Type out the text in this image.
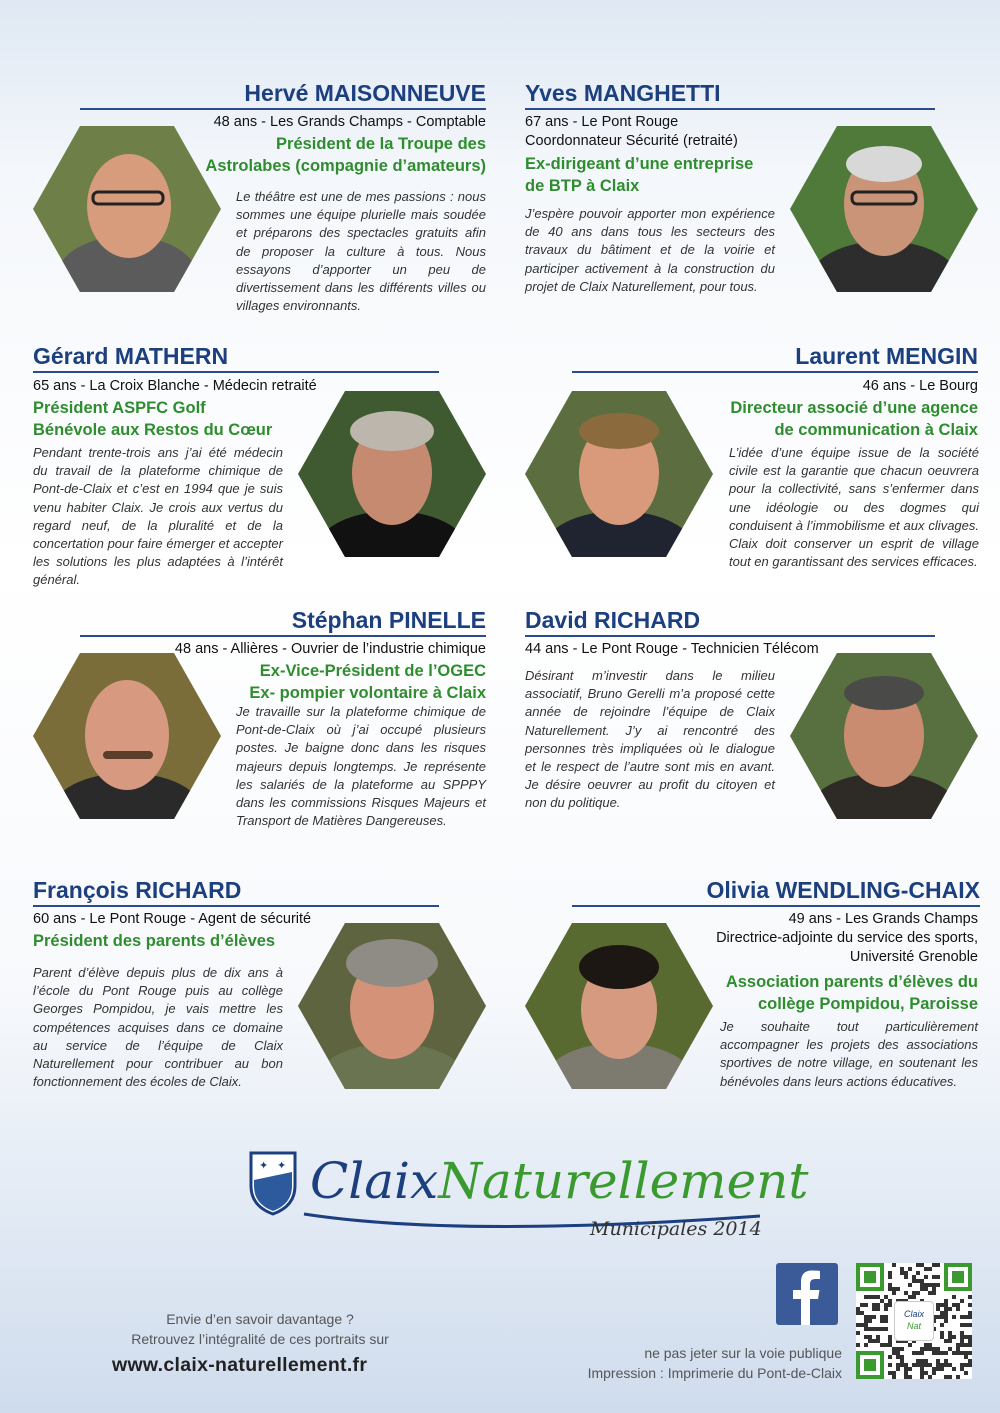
Hervé MAISONNEUVE
48 ans - Les Grands Champs - Comptable
Président de la Troupe des Astrolabes (compagnie d’amateurs)
Le théâtre est une de mes passions : nous sommes une équipe plurielle mais soudée et préparons des spectacles gratuits afin de proposer la culture à tous. Nous essayons d’apporter un peu de divertissement dans les différents villes ou villages environnants.
Yves MANGHETTI
67 ans - Le Pont Rouge
Coordonnateur Sécurité (retraité)
Ex-dirigeant d’une entreprise de BTP à Claix
J’espère pouvoir apporter mon expérience de 40 ans dans tous les secteurs des travaux du bâtiment et de la voirie et participer activement à la construction du projet de Claix Naturellement, pour tous.
Gérard MATHERN
65 ans - La Croix Blanche - Médecin retraité
Président ASPFC Golf
Bénévole aux Restos du Cœur
Pendant trente-trois ans j’ai été médecin du travail de la plateforme chimique de Pont-de-Claix et c’est en 1994 que je suis venu habiter Claix. Je crois aux vertus du regard neuf, de la pluralité et de la concertation pour faire émerger et accepter les solutions les plus adaptées à l’intérêt général.
Laurent MENGIN
46 ans - Le Bourg
Directeur associé d’une agence de communication à Claix
L’idée d’une équipe issue de la société civile est la garantie que chacun oeuvrera pour la collectivité, sans s’enfermer dans une idéologie ou des dogmes qui conduisent à l’immobilisme et aux clivages. Claix doit conserver un esprit de village tout en garantissant des services efficaces.
Stéphan PINELLE
48 ans - Allières - Ouvrier de l’industrie chimique
Ex-Vice-Président de l’OGEC
Ex- pompier volontaire à Claix
Je travaille sur la plateforme chimique de Pont-de-Claix où j’ai occupé plusieurs postes. Je baigne donc dans les risques majeurs depuis longtemps. Je représente les salariés de la plateforme au SPPPY dans les commissions Risques Majeurs et Transport de Matières Dangereuses.
David RICHARD
44 ans - Le Pont Rouge - Technicien Télécom
Désirant m’investir dans le milieu associatif, Bruno Gerelli m’a proposé cette année de rejoindre l’équipe de Claix Naturellement. J’y ai rencontré des personnes très impliquées où le dialogue et le respect de l’autre sont mis en avant. Je désire oeuvrer au profit du citoyen et non du politique.
François RICHARD
60 ans - Le Pont Rouge - Agent de sécurité
Président des parents d’élèves
Parent d’élève depuis plus de dix ans à l’école du Pont Rouge puis au collège Georges Pompidou, je vais mettre les compétences acquises dans ce domaine au service de l’équipe de Claix Naturellement pour contribuer au bon fonctionnement des écoles de Claix.
Olivia WENDLING-CHAIX
49 ans - Les Grands Champs
Directrice-adjointe du service des sports,
Université Grenoble
Association parents d’élèves du collège Pompidou, Paroisse
Je souhaite tout particulièrement accompagner les projets des associations sportives de notre village, en soutenant les bénévoles dans leurs actions éducatives.
✦ ✦ ClaixNaturellement
Municipales 2014
Envie d’en savoir davantage ?
Retrouvez l’intégralité de ces portraits sur
www.claix-naturellement.fr
ne pas jeter sur la voie publique
Impression : Imprimerie du Pont-de-Claix
Claix
Nat
